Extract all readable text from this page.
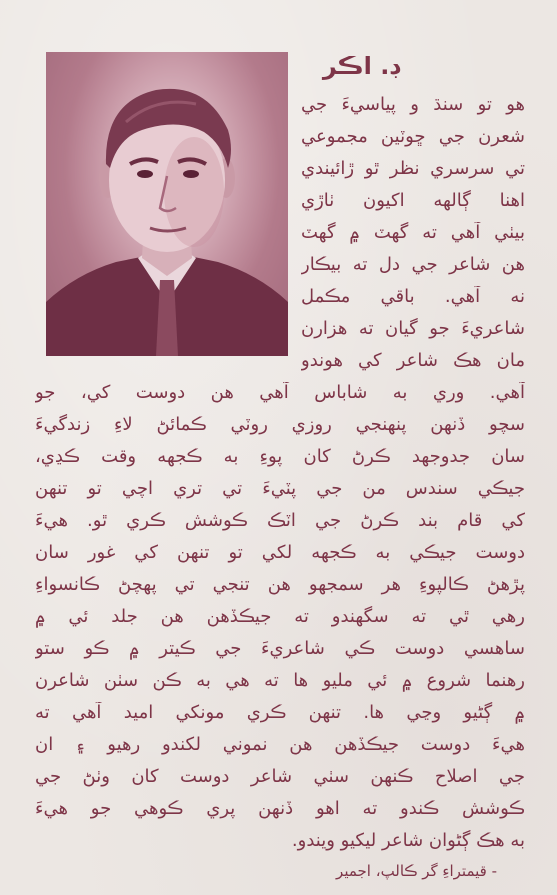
ڊ. اڪر
هو تو سنڌ و پياسيءَ جي
شعرن جي ڇوٽين مجموعي
تي سرسري نظر ٿو ڙائيندي
اهنا ڳالهه اکيون ٺاڙي
بيٺي آهي ته گهٽ ۾ گهٽ
هن شاعر جي دل ته بيڪار
نه آهي. باقي مڪمل
شاعريءَ جو گيان ته هزارن
مان هڪ شاعر کي هوندو
آهي. وري به شاباس آهي هن دوست کي، جو
سچو ڏنهن پنهنجي روزي روٽي ڪمائڻ لاءِ زندگيءَ
سان جدوجهد ڪرڻ کان پوءِ به ڪجهه وقت ڪڍي،
جيڪي سندس من جي پٽيءَ تي تري اچي تو تنهن
کي قام بند ڪرڻ جي اٽڪ ڪوشش ڪري ٿو. هيءَ
دوست جيڪي به ڪجهه لکي تو تنهن کي غور سان
پڙهڻ ڪالپوءِ هر سمجهو هن تنجي تي پهچڻ ڪانسواءِ
رهي ٿي ته سگهندو ته جيڪڏهن هن جلد ئي ۾
ساهسي دوست ڪي شاعريءَ جي ڪيتر ۾ ڪو ستو
رهنما شروع ۾ ئي مليو ها ته هي به ڪن سٺن شاعرن
۾ ڳڻيو وڃي ها. تنهن ڪري مونکي اميد آهي ته
هيءَ دوست جيڪڏهن هن نموني لکندو رهيو ۽ ان
جي اصلاح ڪنهن سٺي شاعر دوست کان وٺڻ جي
ڪوشش ڪندو ته اهو ڏنهن پري ڪوهي جو هيءَ
به هڪ ڳڻوان شاعر ليکيو ويندو.
- قيمتراءِ گر ڪالپ، اجمير
